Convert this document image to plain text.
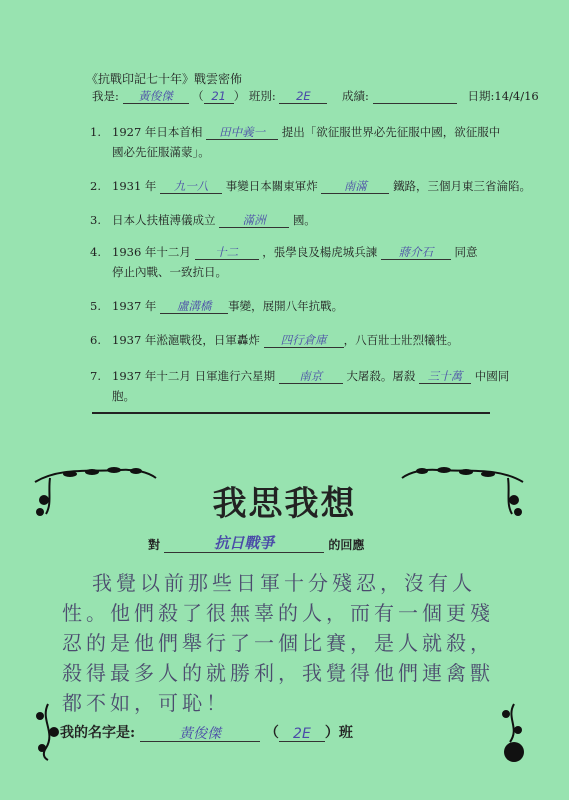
《抗戰印記七十年》戰雲密佈
我是: 黃俊傑 （ 21 ） 班別: 2E	成績:	日期:14/4/16
1. 1927 年日本首相 田中義一 提出「欲征服世界必先征服中國，欲征服中
國必先征服滿蒙」。
2. 1931 年 九一八 事變日本關東軍炸 南滿 鐵路，三個月東三省淪陷。
3. 日本人扶植溥儀成立 滿洲 國。
4. 1936 年十二月 十二 ，張學良及楊虎城兵諫 蔣介石 同意
停止內戰、一致抗日。
5. 1937 年 盧溝橋 事變，展開八年抗戰。
6. 1937 年淞滬戰役，日軍轟炸 四行倉庫 ，八百壯士壯烈犧牲。
7. 1937 年十二月 日軍進行六星期 南京 大屠殺。屠殺 三十萬 中國同
胞。
我思我想
對	抗日戰爭	的回應

我覺以前那些日軍十分殘忍，沒有人性。他們殺了很無辜的人，而有一個更殘忍的是他們舉行了一個比賽，是人就殺，殺得最多人的就勝利，我覺得他們連禽獸都不如，可恥！

我的名字是:	黃俊傑	（ 2E ）班
